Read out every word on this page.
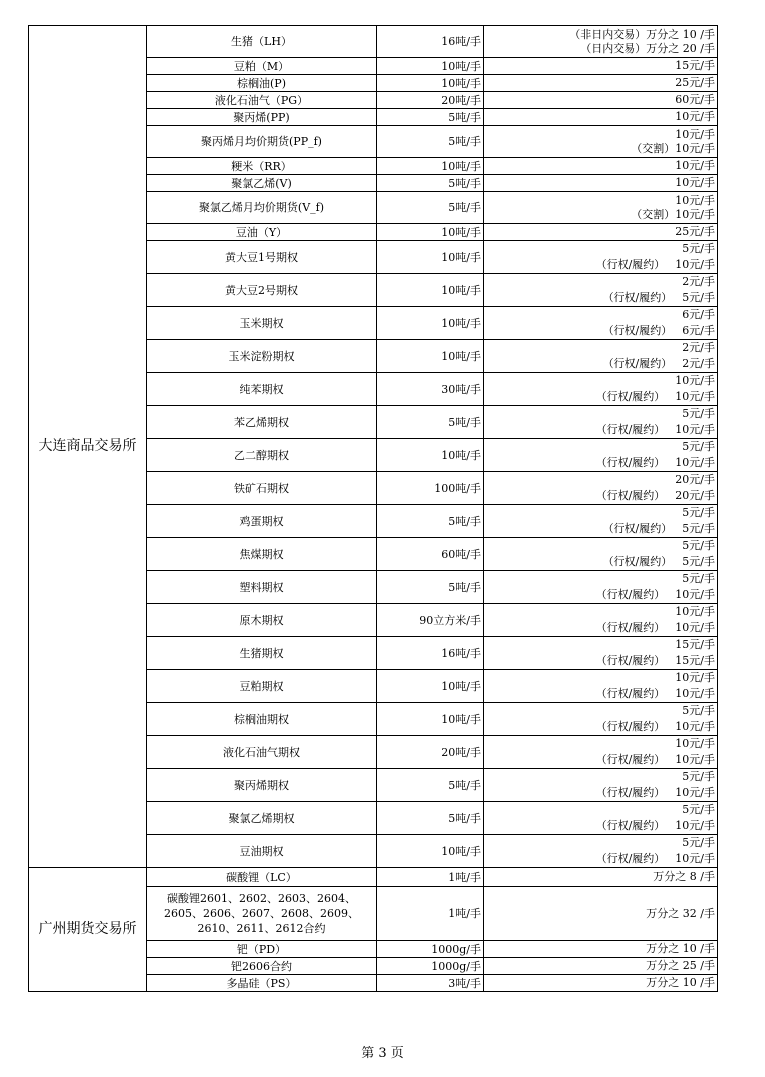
大连商品交易所	生猪（LH）	16吨/手	（非日内交易）万分之 10 /手
（日内交易）万分之 20 /手

	豆粕（M）	10吨/手	15元/手

	棕榈油(P)	10吨/手	25元/手

	液化石油气（PG）	20吨/手	60元/手

	聚丙烯(PP)	5吨/手	10元/手

	聚丙烯月均价期货(PP_f)	5吨/手	10元/手
（交割）10元/手

	粳米（RR）	10吨/手	10元/手

	聚氯乙烯(V)	5吨/手	10元/手

	聚氯乙烯月均价期货(V_f)	5吨/手	10元/手
（交割）10元/手

	豆油（Y）	10吨/手	25元/手

	黄大豆1号期权	10吨/手	5元/手
（行权/履约） 10元/手

	黄大豆2号期权	10吨/手	2元/手
（行权/履约） 5元/手

	玉米期权	10吨/手	6元/手
（行权/履约） 6元/手

	玉米淀粉期权	10吨/手	2元/手
（行权/履约） 2元/手

	纯苯期权	30吨/手	10元/手
（行权/履约） 10元/手

	苯乙烯期权	5吨/手	5元/手
（行权/履约） 10元/手

	乙二醇期权	10吨/手	5元/手
（行权/履约） 10元/手

	铁矿石期权	100吨/手	20元/手
（行权/履约） 20元/手

	鸡蛋期权	5吨/手	5元/手
（行权/履约） 5元/手

	焦煤期权	60吨/手	5元/手
（行权/履约） 5元/手

	塑料期权	5吨/手	5元/手
（行权/履约） 10元/手

	原木期权	90立方米/手	10元/手
（行权/履约） 10元/手

	生猪期权	16吨/手	15元/手
（行权/履约） 15元/手

	豆粕期权	10吨/手	10元/手
（行权/履约） 10元/手

	棕榈油期权	10吨/手	5元/手
（行权/履约） 10元/手

	液化石油气期权	20吨/手	10元/手
（行权/履约） 10元/手

	聚丙烯期权	5吨/手	5元/手
（行权/履约） 10元/手

	聚氯乙烯期权	5吨/手	5元/手
（行权/履约） 10元/手

	豆油期权	10吨/手	5元/手
（行权/履约） 10元/手

广州期货交易所	碳酸锂（LC）	1吨/手	万分之 8 /手

	碳酸锂2601、2602、2603、2604、2605、2606、2607、2608、2609、2610、2611、2612合约	1吨/手	万分之 32 /手

	钯（PD）	1000g/手	万分之 10 /手

	钯2606合约	1000g/手	万分之 25 /手

	多晶硅（PS）	3吨/手	万分之 10 /手
第 3 页
